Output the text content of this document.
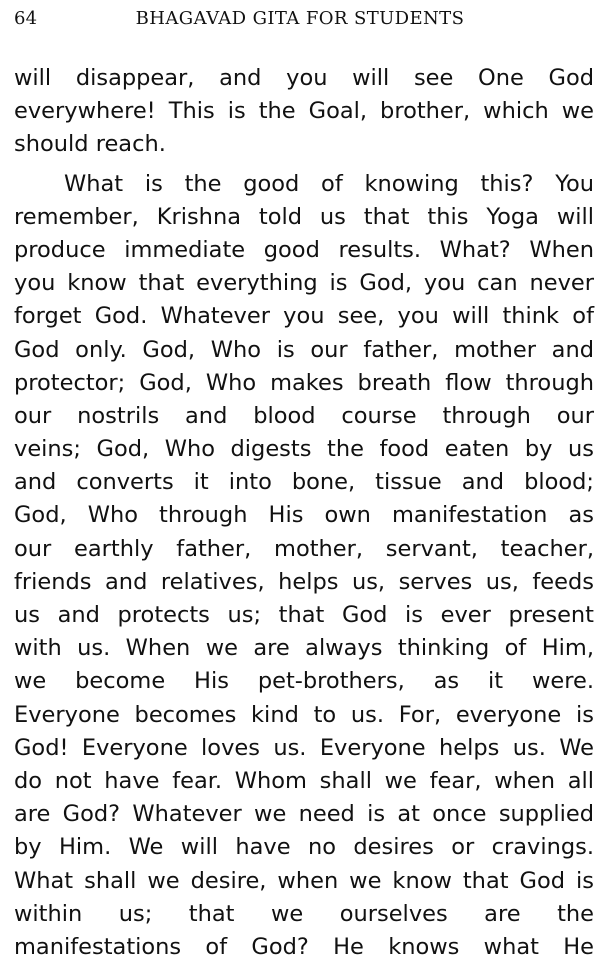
64	BHAGAVAD GITA FOR STUDENTS
will disappear, and you will see One God
everywhere! This is the Goal, brother, which we
should reach.
What is the good of knowing this? You
remember, Krishna told us that this Yoga will
produce immediate good results. What? When
you know that everything is God, you can never
forget God. Whatever you see, you will think of
God only. God, Who is our father, mother and
protector; God, Who makes breath flow through
our nostrils and blood course through our
veins; God, Who digests the food eaten by us
and converts it into bone, tissue and blood;
God, Who through His own manifestation as
our earthly father, mother, servant, teacher,
friends and relatives, helps us, serves us, feeds
us and protects us; that God is ever present
with us. When we are always thinking of Him,
we become His pet-brothers, as it were.
Everyone becomes kind to us. For, everyone is
God! Everyone loves us. Everyone helps us. We
do not have fear. Whom shall we fear, when all
are God? Whatever we need is at once supplied
by Him. We will have no desires or cravings.
What shall we desire, when we know that God is
within us; that we ourselves are the
manifestations of God? He knows what He
